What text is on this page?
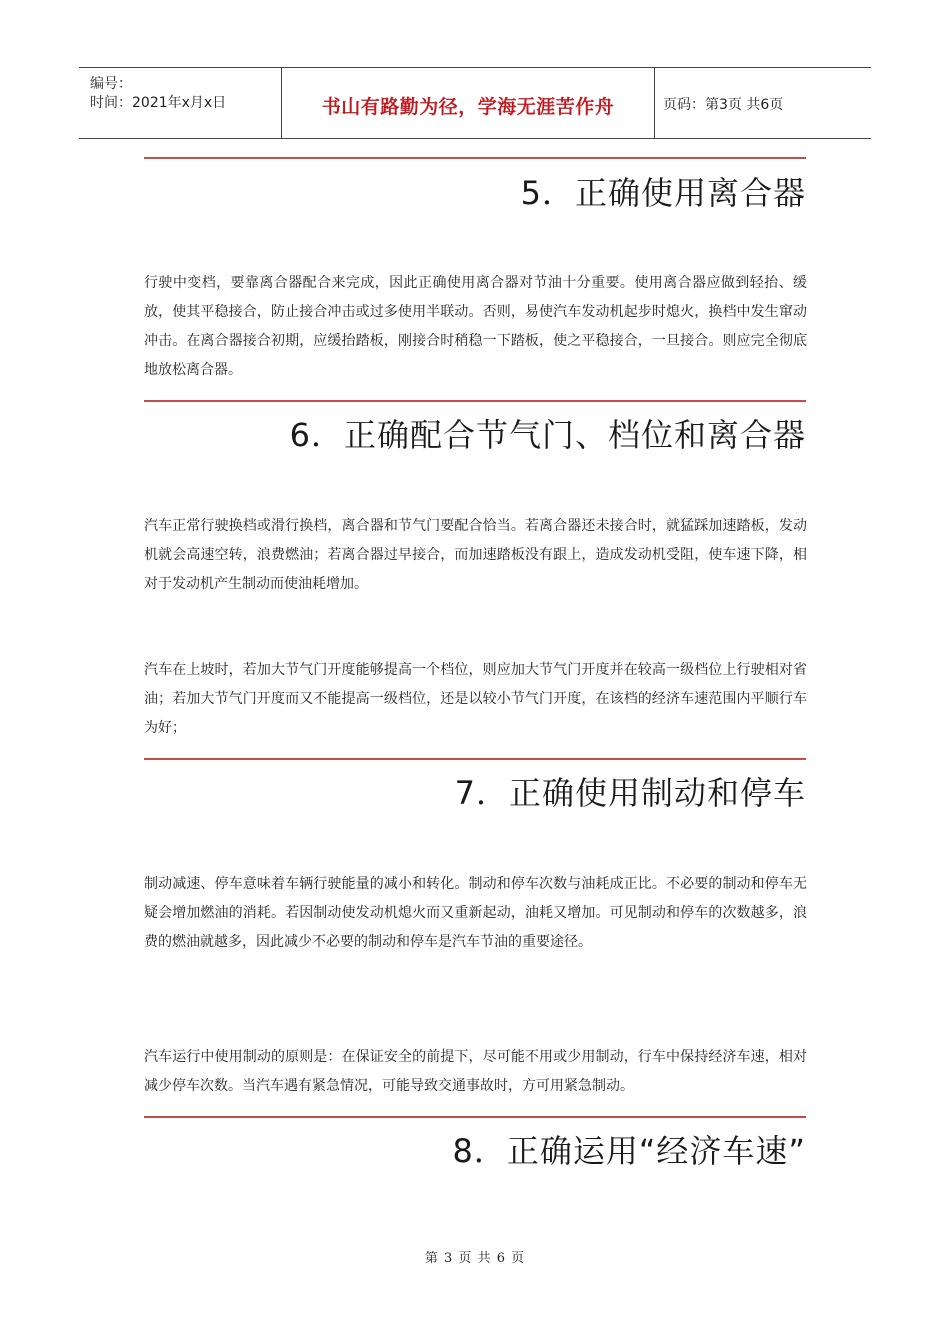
编号：
时间：2021年x月x日	书山有路勤为径，学海无涯苦作舟	页码：第3页 共6页
5．正确使用离合器
行驶中变档，要靠离合器配合来完成，因此正确使用离合器对节油十分重要。使用离合器应做到轻抬、缓放，使其平稳接合，防止接合冲击或过多使用半联动。否则，易使汽车发动机起步时熄火，换档中发生窜动冲击。在离合器接合初期，应缓抬踏板，刚接合时稍稳一下踏板，使之平稳接合，一旦接合。则应完全彻底地放松离合器。
6．正确配合节气门、档位和离合器
汽车正常行驶换档或滑行换档，离合器和节气门要配合恰当。若离合器还未接合时，就猛踩加速踏板，发动机就会高速空转，浪费燃油；若离合器过早接合，而加速踏板没有跟上，造成发动机受阻，使车速下降，相对于发动机产生制动而使油耗增加。
汽车在上坡时，若加大节气门开度能够提高一个档位，则应加大节气门开度并在较高一级档位上行驶相对省油；若加大节气门开度而又不能提高一级档位，还是以较小节气门开度，在该档的经济车速范围内平顺行车为好；
7．正确使用制动和停车
制动减速、停车意味着车辆行驶能量的减小和转化。制动和停车次数与油耗成正比。不必要的制动和停车无疑会增加燃油的消耗。若因制动使发动机熄火而又重新起动，油耗又增加。可见制动和停车的次数越多，浪费的燃油就越多，因此减少不必要的制动和停车是汽车节油的重要途径。
汽车运行中使用制动的原则是：在保证安全的前提下，尽可能不用或少用制动，行车中保持经济车速，相对减少停车次数。当汽车遇有紧急情况，可能导致交通事故时，方可用紧急制动。
8．正确运用“经济车速”
第 3 页 共 6 页
